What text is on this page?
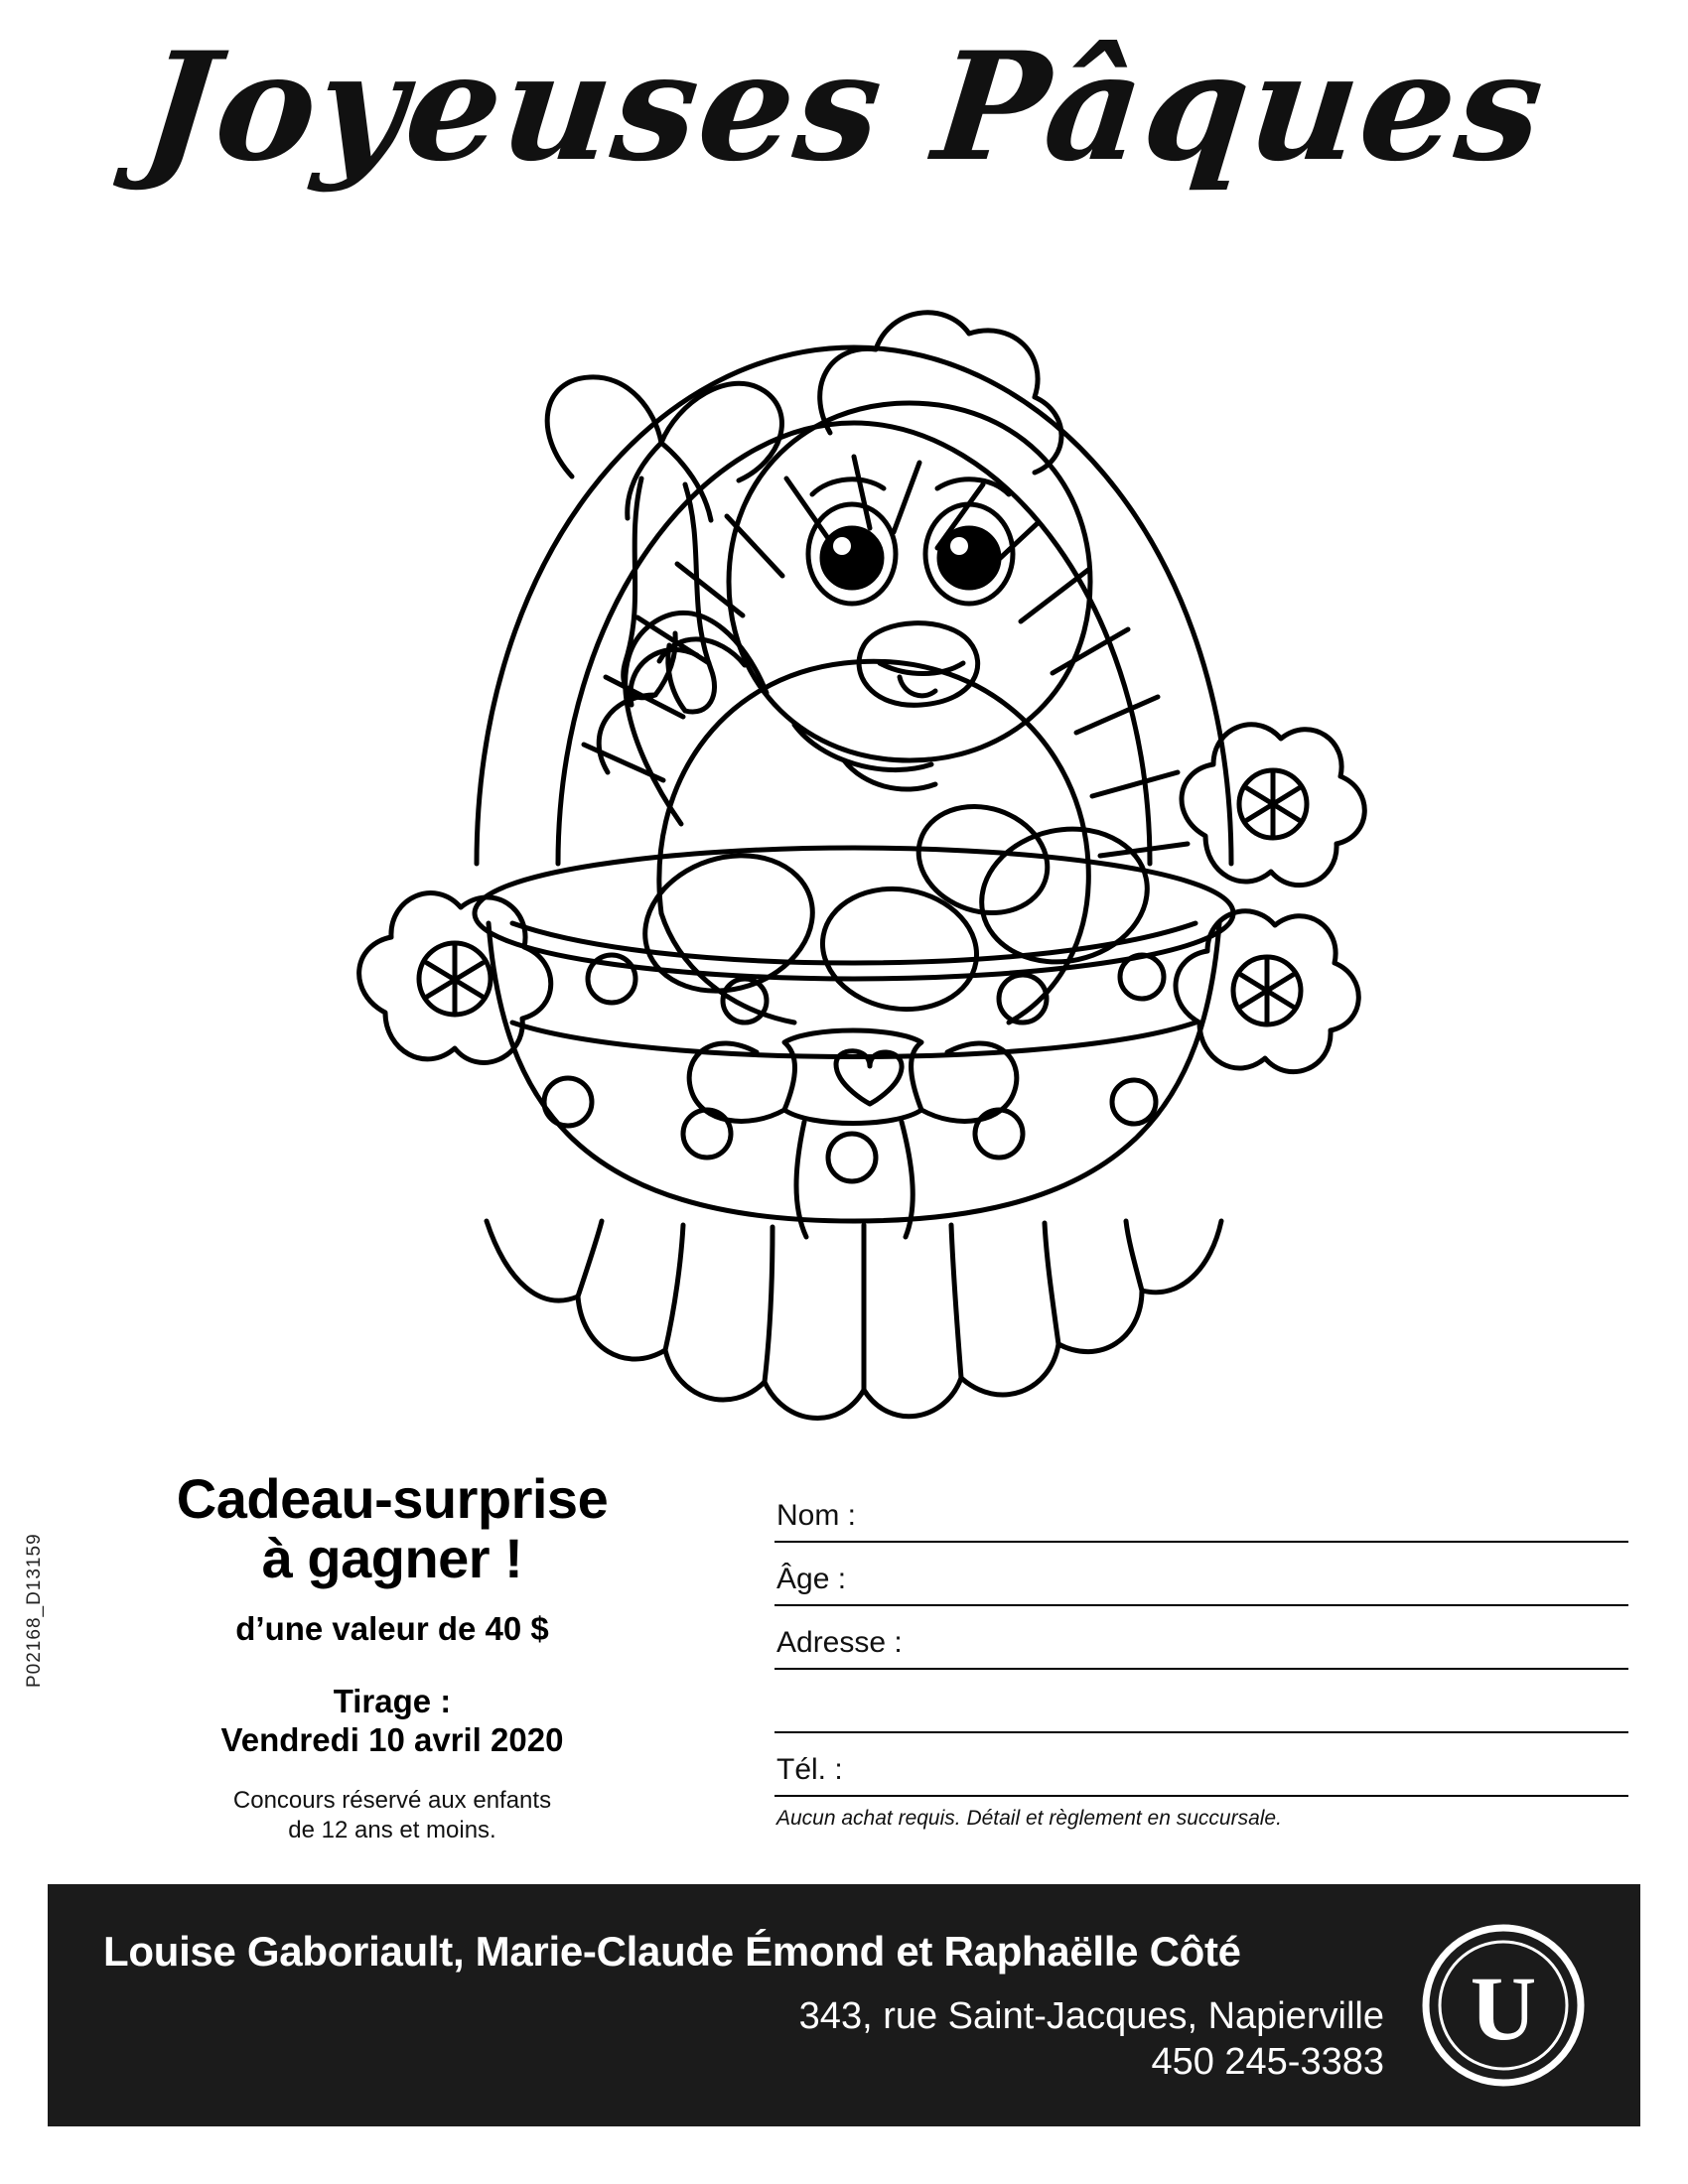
Joyeuses Pâques
P02168_D13159
Cadeau-surprise
à gagner !
d’une valeur de 40 $
Tirage :
Vendredi 10 avril 2020
Concours réservé aux enfants
de 12 ans et moins.
Nom :
Âge :
Adresse :
Tél. :
Aucun achat requis. Détail et règlement en succursale.
Louise Gaboriault, Marie-Claude Émond et Raphaëlle Côté
343, rue Saint-Jacques, Napierville
450 245-3383
U
